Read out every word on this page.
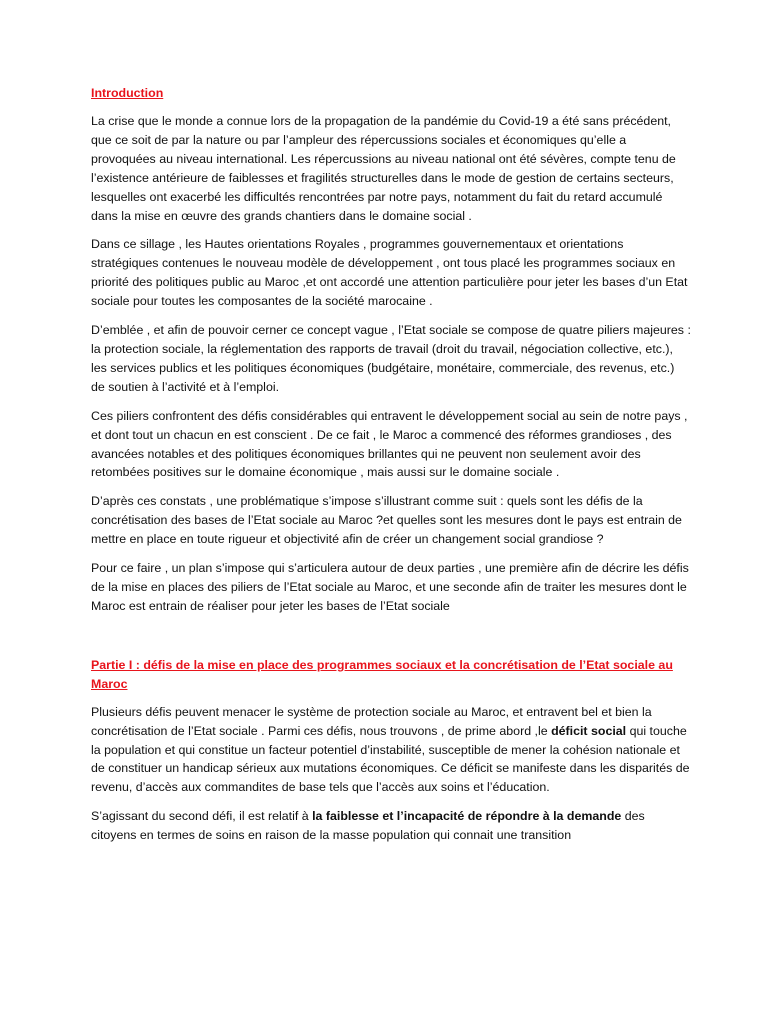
Introduction

La crise que le monde a connue lors de la propagation de la pandémie du Covid-19 a été sans précédent, que ce soit de par la nature ou par l’ampleur des répercussions sociales et économiques qu’elle a provoquées au niveau international. Les répercussions au niveau national ont été sévères, compte tenu de l’existence antérieure de faiblesses et fragilités structurelles dans le mode de gestion de certains secteurs, lesquelles ont exacerbé les difficultés rencontrées par notre pays, notamment du fait du retard accumulé dans la mise en œuvre des grands chantiers dans le domaine social .

Dans ce sillage , les Hautes orientations Royales , programmes gouvernementaux et orientations stratégiques contenues le nouveau modèle de développement , ont tous placé les programmes sociaux en priorité des politiques public au Maroc ,et ont accordé une attention particulière pour jeter les bases d’un Etat sociale pour toutes les composantes de la société marocaine .

D’emblée , et afin de pouvoir cerner ce concept vague , l’Etat sociale se compose de quatre piliers majeures : la protection sociale, la réglementation des rapports de travail (droit du travail, négociation collective, etc.), les services publics et les politiques économiques (budgétaire, monétaire, commerciale, des revenus, etc.) de soutien à l’activité et à l’emploi.

Ces piliers confrontent des défis considérables qui entravent le développement social au sein de notre pays , et dont tout un chacun en est conscient . De ce fait , le Maroc a commencé des réformes grandioses , des avancées notables et des politiques économiques brillantes qui ne peuvent non seulement avoir des retombées positives sur le domaine économique , mais aussi sur le domaine sociale .

D’après ces constats , une problématique s’impose s’illustrant comme suit : quels sont les défis de la concrétisation des bases de l’Etat sociale au Maroc ?et quelles sont les mesures dont le pays est entrain de mettre en place en toute rigueur et objectivité afin de créer un changement social grandiose ?

Pour ce faire , un plan s’impose qui s’articulera autour de deux parties , une première afin de décrire les défis de la mise en places des piliers de l’Etat sociale au Maroc, et une seconde afin de traiter les mesures dont le Maroc est entrain de réaliser pour jeter les bases de l’Etat sociale

Partie I : défis de la mise en place des programmes sociaux et la concrétisation de l’Etat sociale au Maroc

Plusieurs défis peuvent menacer le système de protection sociale au Maroc, et entravent bel et bien la concrétisation de l’Etat sociale . Parmi ces défis, nous trouvons , de prime abord ,le déficit social qui touche la population et qui constitue un facteur potentiel d’instabilité, susceptible de mener la cohésion nationale et de constituer un handicap sérieux aux mutations économiques. Ce déficit se manifeste dans les disparités de revenu, d’accès aux commandites de base tels que l’accès aux soins et l’éducation.

S’agissant du second défi, il est relatif à la faiblesse et l’incapacité de répondre à la demande des citoyens en termes de soins en raison de la masse population qui connait une transition
